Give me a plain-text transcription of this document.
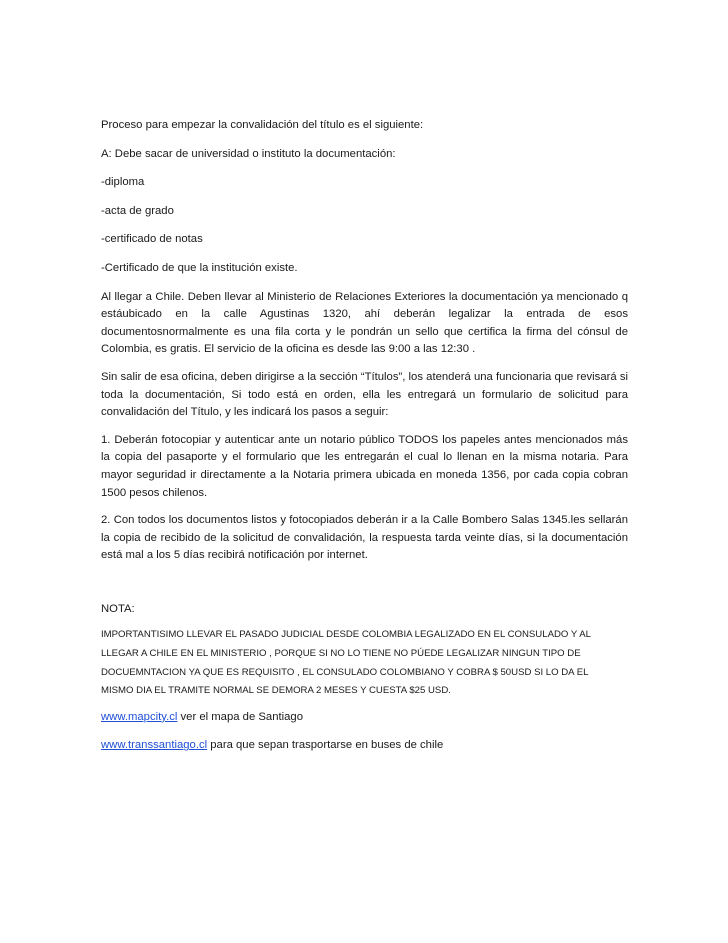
Proceso para empezar la convalidación del título es el siguiente:

A: Debe sacar de universidad o instituto la documentación:

-diploma

-acta de grado

-certificado de notas

-Certificado de que la institución existe.

Al llegar a Chile. Deben llevar al Ministerio de Relaciones Exteriores la documentación ya mencionado q estáubicado en la calle Agustinas 1320, ahí deberán legalizar la entrada de esos documentosnormalmente es una fila corta y le pondrán un sello que certifica la firma del cónsul de Colombia, es gratis. El servicio de la oficina es desde las 9:00 a las 12:30 .

Sin salir de esa oficina, deben dirigirse a la sección “Títulos”, los atenderá una funcionaria que revisará si toda la documentación, Si todo está en orden, ella les entregará un formulario de solicitud para convalidación del Título, y les indicará los pasos a seguir:

1. Deberán fotocopiar y autenticar ante un notario público TODOS los papeles antes mencionados más la copia del pasaporte y el formulario que les entregarán el cual lo llenan en la misma notaria. Para mayor seguridad ir directamente a la Notaria primera ubicada en moneda 1356, por cada copia cobran 1500 pesos chilenos.

2. Con todos los documentos listos y fotocopiados deberán ir a la Calle Bombero Salas 1345.les sellarán la copia de recibido de la solicitud de convalidación, la respuesta tarda veinte días, si la documentación está mal a los 5 días recibirá notificación por internet.

NOTA:

IMPORTANTISIMO LLEVAR EL PASADO JUDICIAL DESDE COLOMBIA LEGALIZADO EN EL CONSULADO Y AL
LLEGAR A CHILE EN EL MINISTERIO , PORQUE SI NO LO TIENE NO PÚEDE LEGALIZAR NINGUN TIPO DE
DOCUEMNTACION YA QUE ES REQUISITO , EL CONSULADO COLOMBIANO Y COBRA $ 50USD SI LO DA EL
MISMO DIA EL TRAMITE NORMAL SE DEMORA 2 MESES Y CUESTA $25 USD.

www.mapcity.cl ver el mapa de Santiago

www.transsantiago.cl para que sepan trasportarse en buses de chile
